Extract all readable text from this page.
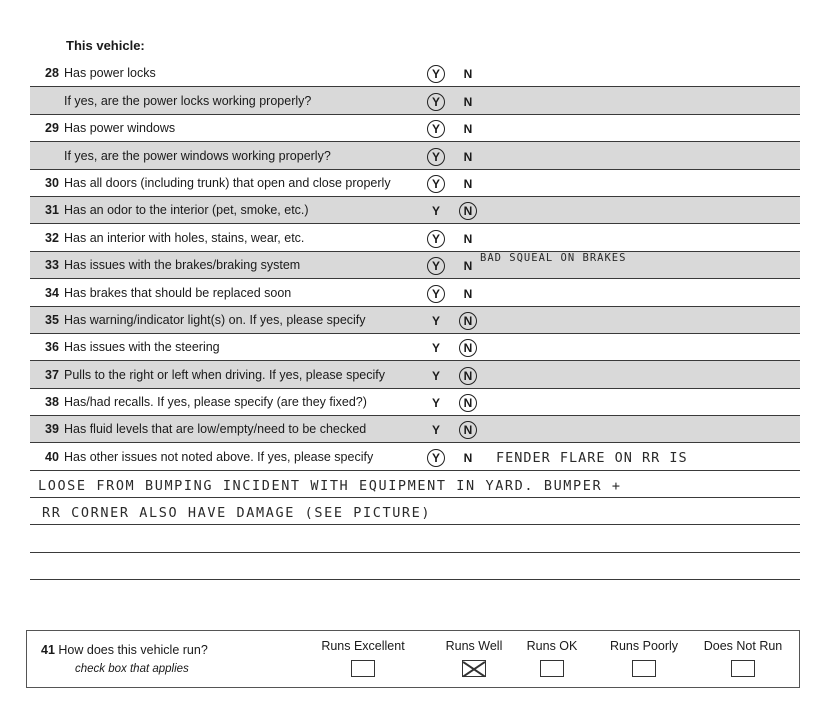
This vehicle:
28 Has power locks	Y	N
If yes, are the power locks working properly?	Y	N
29 Has power windows	Y	N
If yes, are the power windows working properly?	Y	N
30 Has all doors (including trunk) that open and close properly	Y	N
31 Has an odor to the interior (pet, smoke, etc.)	Y	N
32 Has an interior with holes, stains, wear, etc.	Y	N
33 Has issues with the brakes/braking system	Y	N
BAD SQUEAL ON BRAKES
34 Has brakes that should be replaced soon	Y	N
35 Has warning/indicator light(s) on. If yes, please specify	Y	N
36 Has issues with the steering	Y	N
37 Pulls to the right or left when driving. If yes, please specify	Y	N
38 Has/had recalls. If yes, please specify (are they fixed?)	Y	N
39 Has fluid levels that are low/empty/need to be checked	Y	N
40 Has other issues not noted above. If yes, please specify	Y	N FENDER FLARE ON RR IS
LOOSE FROM BUMPING INCIDENT WITH EQUIPMENT IN YARD. BUMPER +
RR CORNER ALSO HAVE DAMAGE (SEE PICTURE)
41 How does this vehicle run?
check box that applies
Runs Excellent	Runs Well	Runs OK	Runs Poorly	Does Not Run
